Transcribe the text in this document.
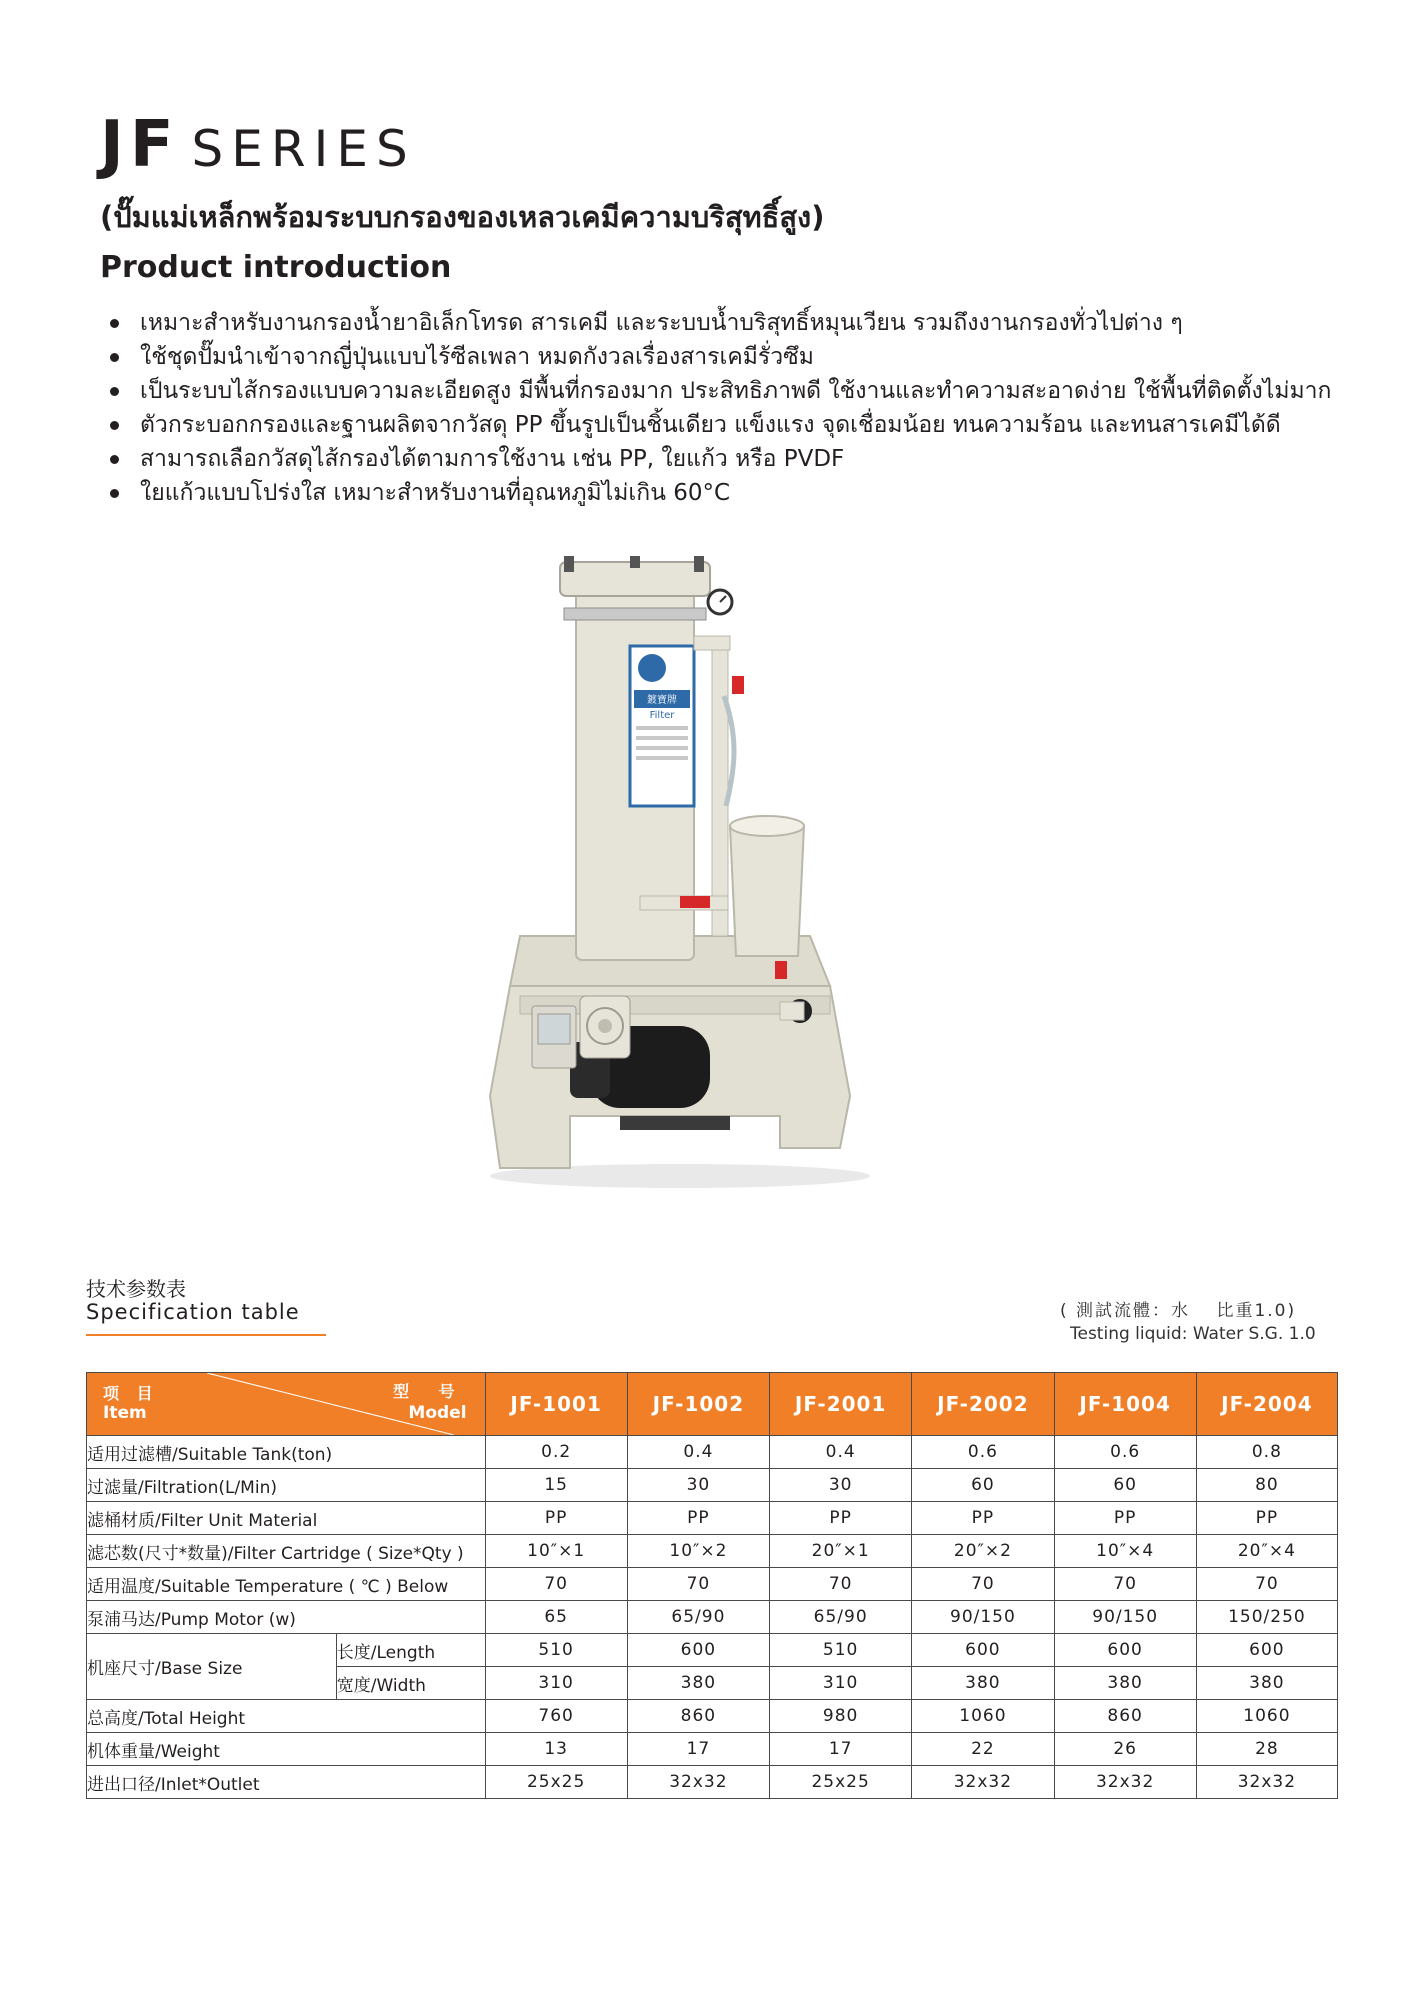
JF SERIES
(ปั๊มแม่เหล็กพร้อมระบบกรองของเหลวเคมีความบริสุทธิ์สูง)
Product introduction
เหมาะสำหรับงานกรองน้ำยาอิเล็กโทรด สารเคมี และระบบน้ำบริสุทธิ์หมุนเวียน รวมถึงงานกรองทั่วไปต่าง ๆ
ใช้ชุดปั๊มนำเข้าจากญี่ปุ่นแบบไร้ซีลเพลา หมดกังวลเรื่องสารเคมีรั่วซึม
เป็นระบบไส้กรองแบบความละเอียดสูง มีพื้นที่กรองมาก ประสิทธิภาพดี ใช้งานและทำความสะอาดง่าย ใช้พื้นที่ติดตั้งไม่มาก
ตัวกระบอกกรองและฐานผลิตจากวัสดุ PP ขึ้นรูปเป็นชิ้นเดียว แข็งแรง จุดเชื่อมน้อย ทนความร้อน และทนสารเคมีได้ดี
สามารถเลือกวัสดุไส้กรองได้ตามการใช้งาน เช่น PP, ใยแก้ว หรือ PVDF
ใยแก้วแบบโปร่งใส เหมาะสำหรับงานที่อุณหภูมิไม่เกิน 60°C
鍍寶牌
Filter
技术参数表
Specification table	( 測試流體：水　 比重1.0)
Testing liquid: Water S.G. 1.0
项 目
Item
型 号
Model		JF-1001	JF-1002	JF-2001	JF-2002	JF-1004	JF-2004
适用过滤槽/Suitable Tank(ton)		0.2	0.4	0.4	0.6	0.6	0.8
过滤量/Filtration(L/Min)		15	30	30	60	60	80
滤桶材质/Filter Unit Material		PP	PP	PP	PP	PP	PP
滤芯数(尺寸*数量)/Filter Cartridge ( Size*Qty )		10″×1	10″×2	20″×1	20″×2	10″×4	20″×4
适用温度/Suitable Temperature ( ℃ ) Below		70	70	70	70	70	70
泵浦马达/Pump Motor (w)		65	65/90	65/90	90/150	90/150	150/250
机座尺寸/Base Size	长度/Length	510	600	510	600	600	600
	宽度/Width	310	380	310	380	380	380
总高度/Total Height		760	860	980	1060	860	1060
机体重量/Weight		13	17	17	22	26	28
进出口径/Inlet*Outlet		25x25	32x32	25x25	32x32	32x32	32x32
